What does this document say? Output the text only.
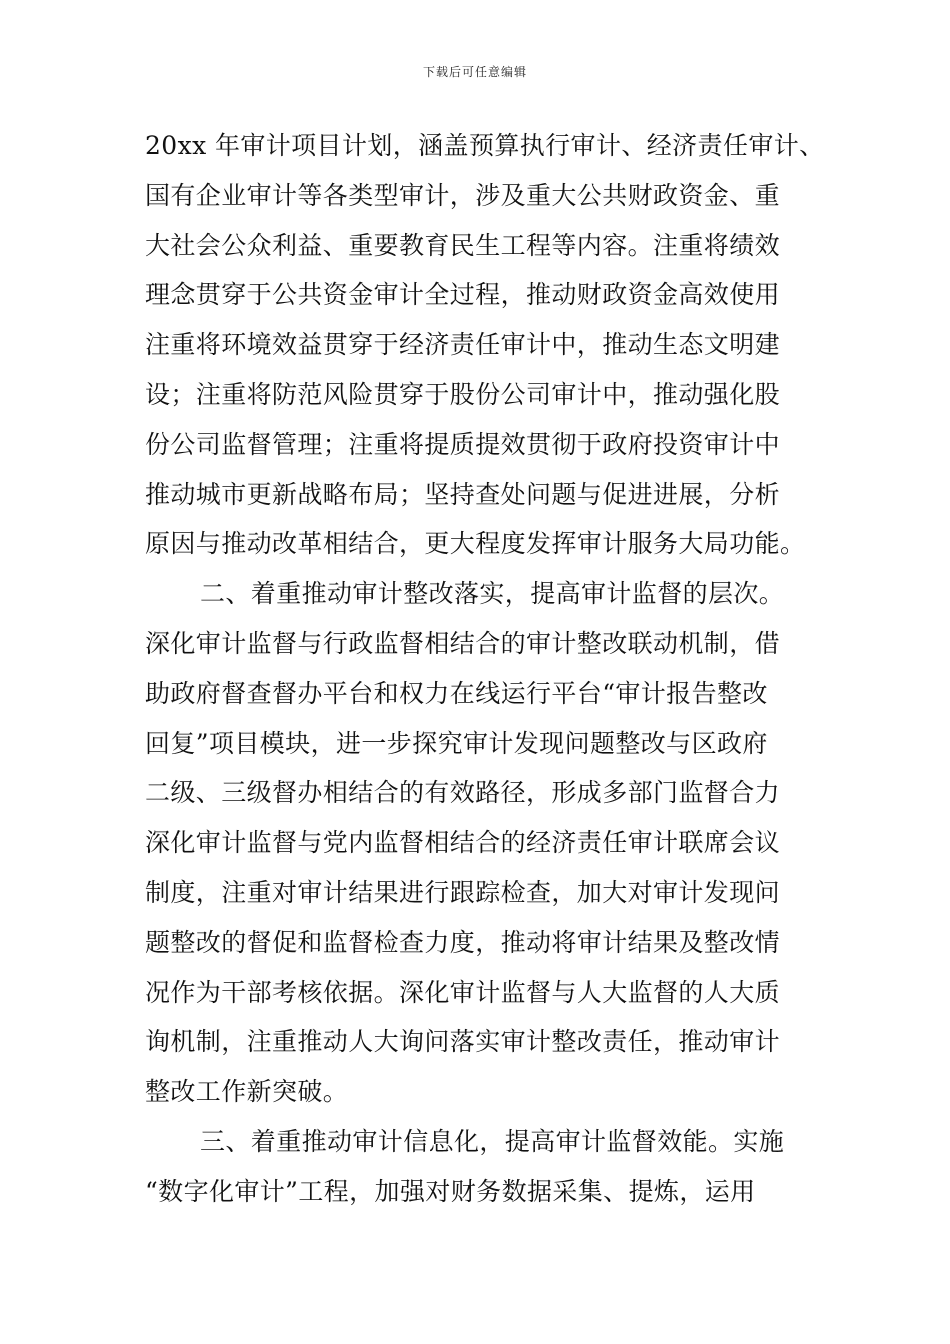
下载后可任意编辑
20xx 年审计项目计划，涵盖预算执行审计、经济责任审计、
国有企业审计等各类型审计，涉及重大公共财政资金、重
大社会公众利益、重要教育民生工程等内容。注重将绩效
理念贯穿于公共资金审计全过程，推动财政资金高效使用
注重将环境效益贯穿于经济责任审计中，推动生态文明建
设；注重将防范风险贯穿于股份公司审计中，推动强化股
份公司监督管理；注重将提质提效贯彻于政府投资审计中
推动城市更新战略布局；坚持查处问题与促进进展，分析
原因与推动改革相结合，更大程度发挥审计服务大局功能。
二、着重推动审计整改落实，提高审计监督的层次。
深化审计监督与行政监督相结合的审计整改联动机制，借
助政府督查督办平台和权力在线运行平台“审计报告整改
回复”项目模块，进一步探究审计发现问题整改与区政府
二级、三级督办相结合的有效路径，形成多部门监督合力
深化审计监督与党内监督相结合的经济责任审计联席会议
制度，注重对审计结果进行跟踪检查，加大对审计发现问
题整改的督促和监督检查力度，推动将审计结果及整改情
况作为干部考核依据。深化审计监督与人大监督的人大质
询机制，注重推动人大询问落实审计整改责任，推动审计
整改工作新突破。
三、着重推动审计信息化，提高审计监督效能。实施
“数字化审计”工程，加强对财务数据采集、提炼，运用
